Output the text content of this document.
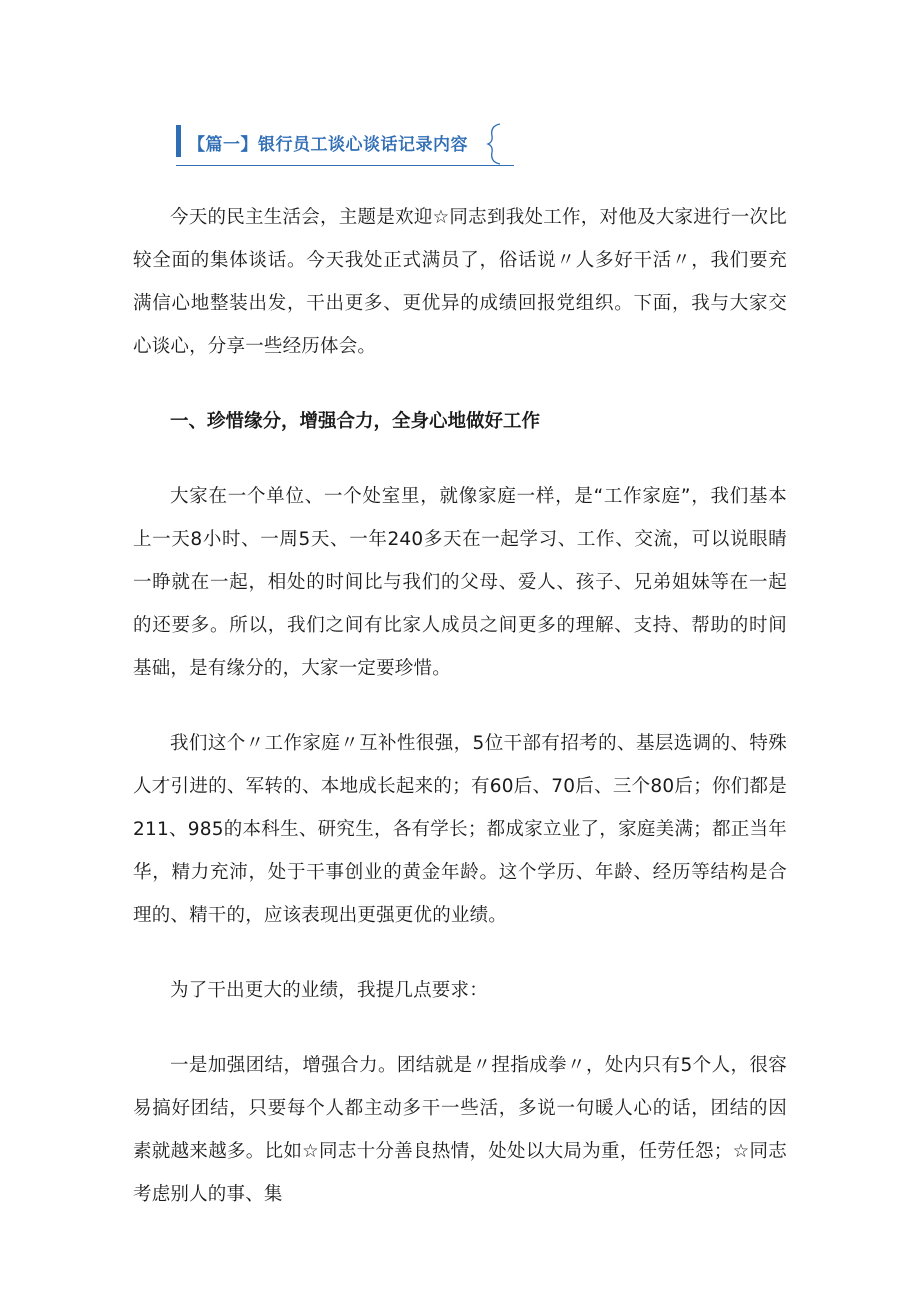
【篇一】银行员工谈心谈话记录内容

今天的民主生活会，主题是欢迎☆同志到我处工作，对他及大家进行一次比较全面的集体谈话。今天我处正式满员了，俗话说〃人多好干活〃，我们要充满信心地整装出发，干出更多、更优异的成绩回报党组织。下面，我与大家交心谈心，分享一些经历体会。

一、珍惜缘分，增强合力，全身心地做好工作

大家在一个单位、一个处室里，就像家庭一样，是“工作家庭”，我们基本上一天8小时、一周5天、一年240多天在一起学习、工作、交流，可以说眼睛一睁就在一起，相处的时间比与我们的父母、爱人、孩子、兄弟姐妹等在一起的还要多。所以，我们之间有比家人成员之间更多的理解、支持、帮助的时间基础，是有缘分的，大家一定要珍惜。

我们这个〃工作家庭〃互补性很强，5位干部有招考的、基层选调的、特殊人才引进的、军转的、本地成长起来的；有60后、70后、三个80后；你们都是211、985的本科生、研究生，各有学长；都成家立业了，家庭美满；都正当年华，精力充沛，处于干事创业的黄金年龄。这个学历、年龄、经历等结构是合理的、精干的，应该表现出更强更优的业绩。

为了干出更大的业绩，我提几点要求：

一是加强团结，增强合力。团结就是〃捏指成拳〃，处内只有5个人，很容易搞好团结，只要每个人都主动多干一些活，多说一句暖人心的话，团结的因素就越来越多。比如☆同志十分善良热情，处处以大局为重，任劳任怨；☆同志考虑别人的事、集
